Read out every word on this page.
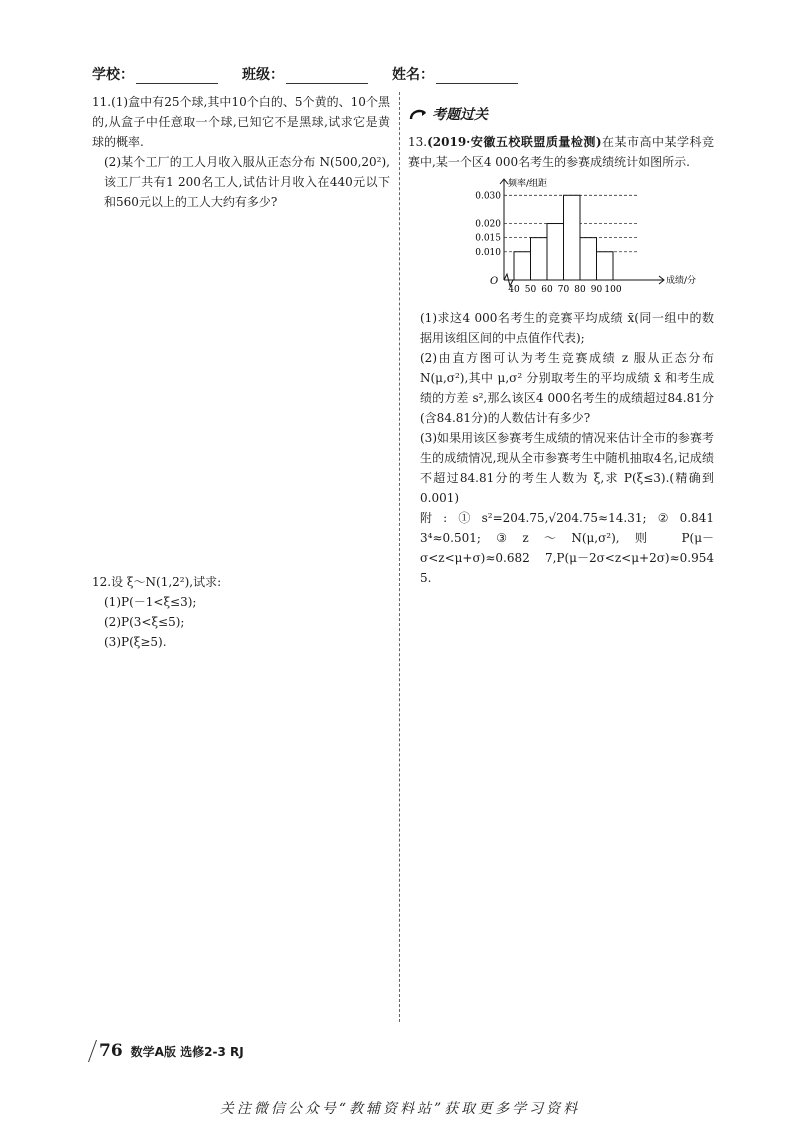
学校：	班级：	姓名：

11.(1)盒中有25个球,其中10个白的、5个黄的、10个黑的,从盒子中任意取一个球,已知它不是黑球,试求它是黄球的概率.

(2)某个工厂的工人月收入服从正态分布 N(500,20²),该工厂共有1 200名工人,试估计月收入在440元以下和560元以上的工人大约有多少?

12.设 ξ～N(1,2²),试求:

(1)P(－1<ξ≤3);

(2)P(3<ξ≤5);

(3)P(ξ≥5).

考题过关

13.(2019·安徽五校联盟质量检测)在某市高中某学科竞赛中,某一个区4 000名考生的参赛成绩统计如图所示.

频率/组距
成绩/分
O
0.010
0.015
0.020
0.030
40 50 60 70 80 90 100

(1)求这4 000名考生的竞赛平均成绩 x̄(同一组中的数据用该组区间的中点值作代表);

(2)由直方图可认为考生竞赛成绩 z 服从正态分布 N(μ,σ²),其中 μ,σ² 分别取考生的平均成绩 x̄ 和考生成绩的方差 s²,那么该区4 000名考生的成绩超过84.81分(含84.81分)的人数估计有多少?

(3)如果用该区参赛考生成绩的情况来估计全市的参赛考生的成绩情况,现从全市参赛考生中随机抽取4名,记成绩不超过84.81分的考生人数为 ξ,求 P(ξ≤3).(精确到0.001)

附:①s²=204.75,√204.75≈14.31;②0.841 3⁴≈0.501;③z～N(μ,σ²),则 P(μ－σ<z<μ+σ)≈0.682 7,P(μ－2σ<z<μ+2σ)≈0.954 5.

76 数学A版 选修2-3 RJ
关注微信公众号“教辅资料站”获取更多学习资料
